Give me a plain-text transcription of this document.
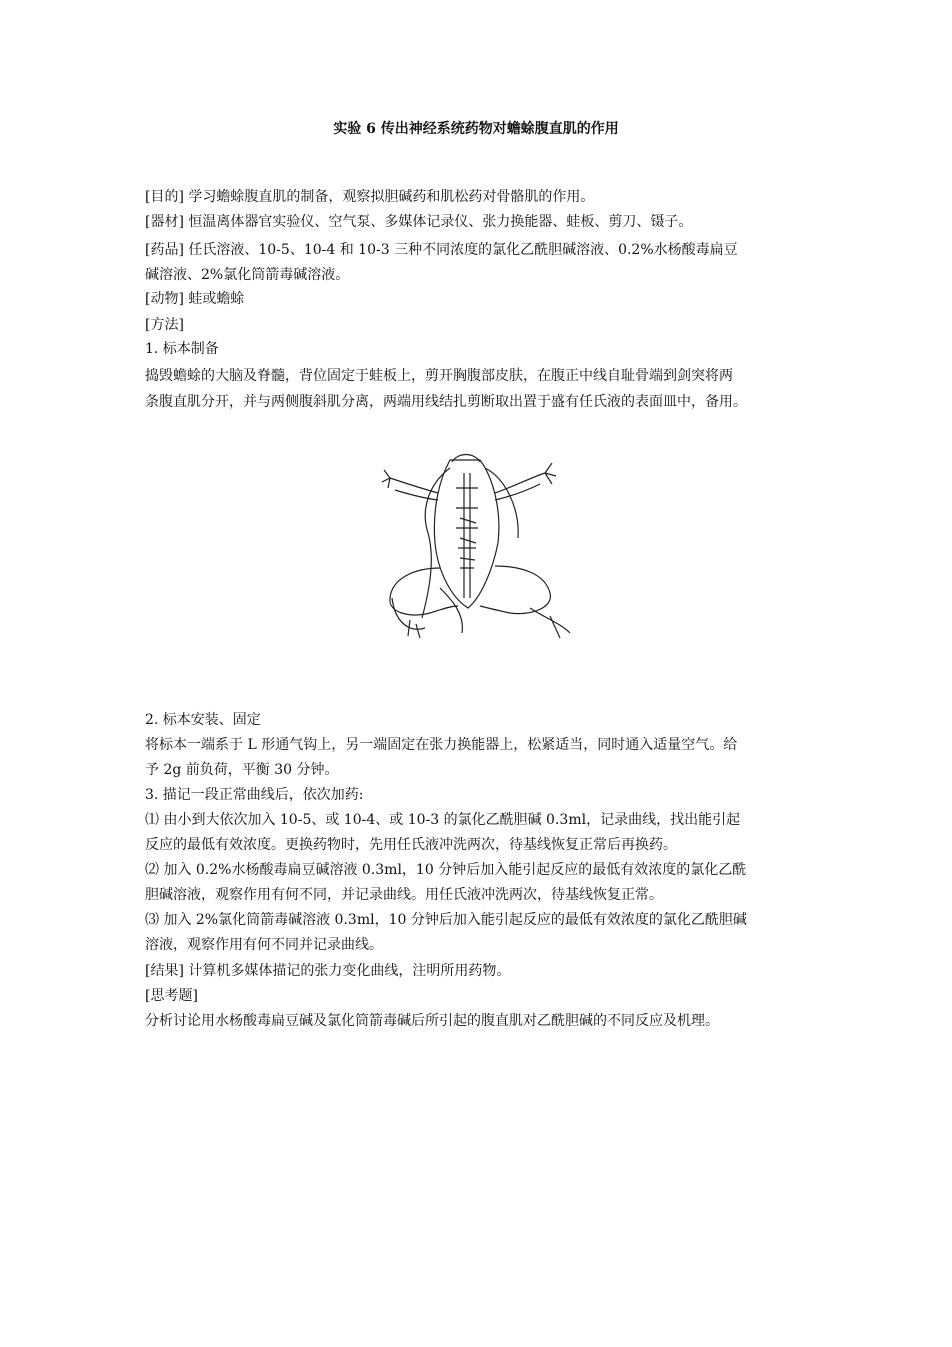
实验 6 传出神经系统药物对蟾蜍腹直肌的作用
[目的] 学习蟾蜍腹直肌的制备，观察拟胆碱药和肌松药对骨骼肌的作用。
[器材] 恒温离体器官实验仪、空气泵、多媒体记录仪、张力换能器、蛙板、剪刀、镊子。
[药品] 任氏溶液、10-5、10-4 和 10-3 三种不同浓度的氯化乙酰胆碱溶液、0.2%水杨酸毒扁豆
碱溶液、2%氯化筒箭毒碱溶液。
[动物] 蛙或蟾蜍
[方法]
1. 标本制备
捣毁蟾蜍的大脑及脊髓，背位固定于蛙板上，剪开胸腹部皮肤，在腹正中线自耻骨端到剑突将两
条腹直肌分开，并与两侧腹斜肌分离，两端用线结扎剪断取出置于盛有任氏液的表面皿中，备用。
2. 标本安装、固定
将标本一端系于 L 形通气钩上，另一端固定在张力换能器上，松紧适当，同时通入适量空气。给
予 2g 前负荷，平衡 30 分钟。
3. 描记一段正常曲线后，依次加药:
⑴ 由小到大依次加入 10-5、或 10-4、或 10-3 的氯化乙酰胆碱 0.3ml，记录曲线，找出能引起
反应的最低有效浓度。更换药物时，先用任氏液冲洗两次，待基线恢复正常后再换药。
⑵ 加入 0.2%水杨酸毒扁豆碱溶液 0.3ml，10 分钟后加入能引起反应的最低有效浓度的氯化乙酰
胆碱溶液，观察作用有何不同，并记录曲线。用任氏液冲洗两次，待基线恢复正常。
⑶ 加入 2%氯化筒箭毒碱溶液 0.3ml，10 分钟后加入能引起反应的最低有效浓度的氯化乙酰胆碱
溶液，观察作用有何不同并记录曲线。
[结果] 计算机多媒体描记的张力变化曲线，注明所用药物。
[思考题]
分析讨论用水杨酸毒扁豆碱及氯化筒箭毒碱后所引起的腹直肌对乙酰胆碱的不同反应及机理。
